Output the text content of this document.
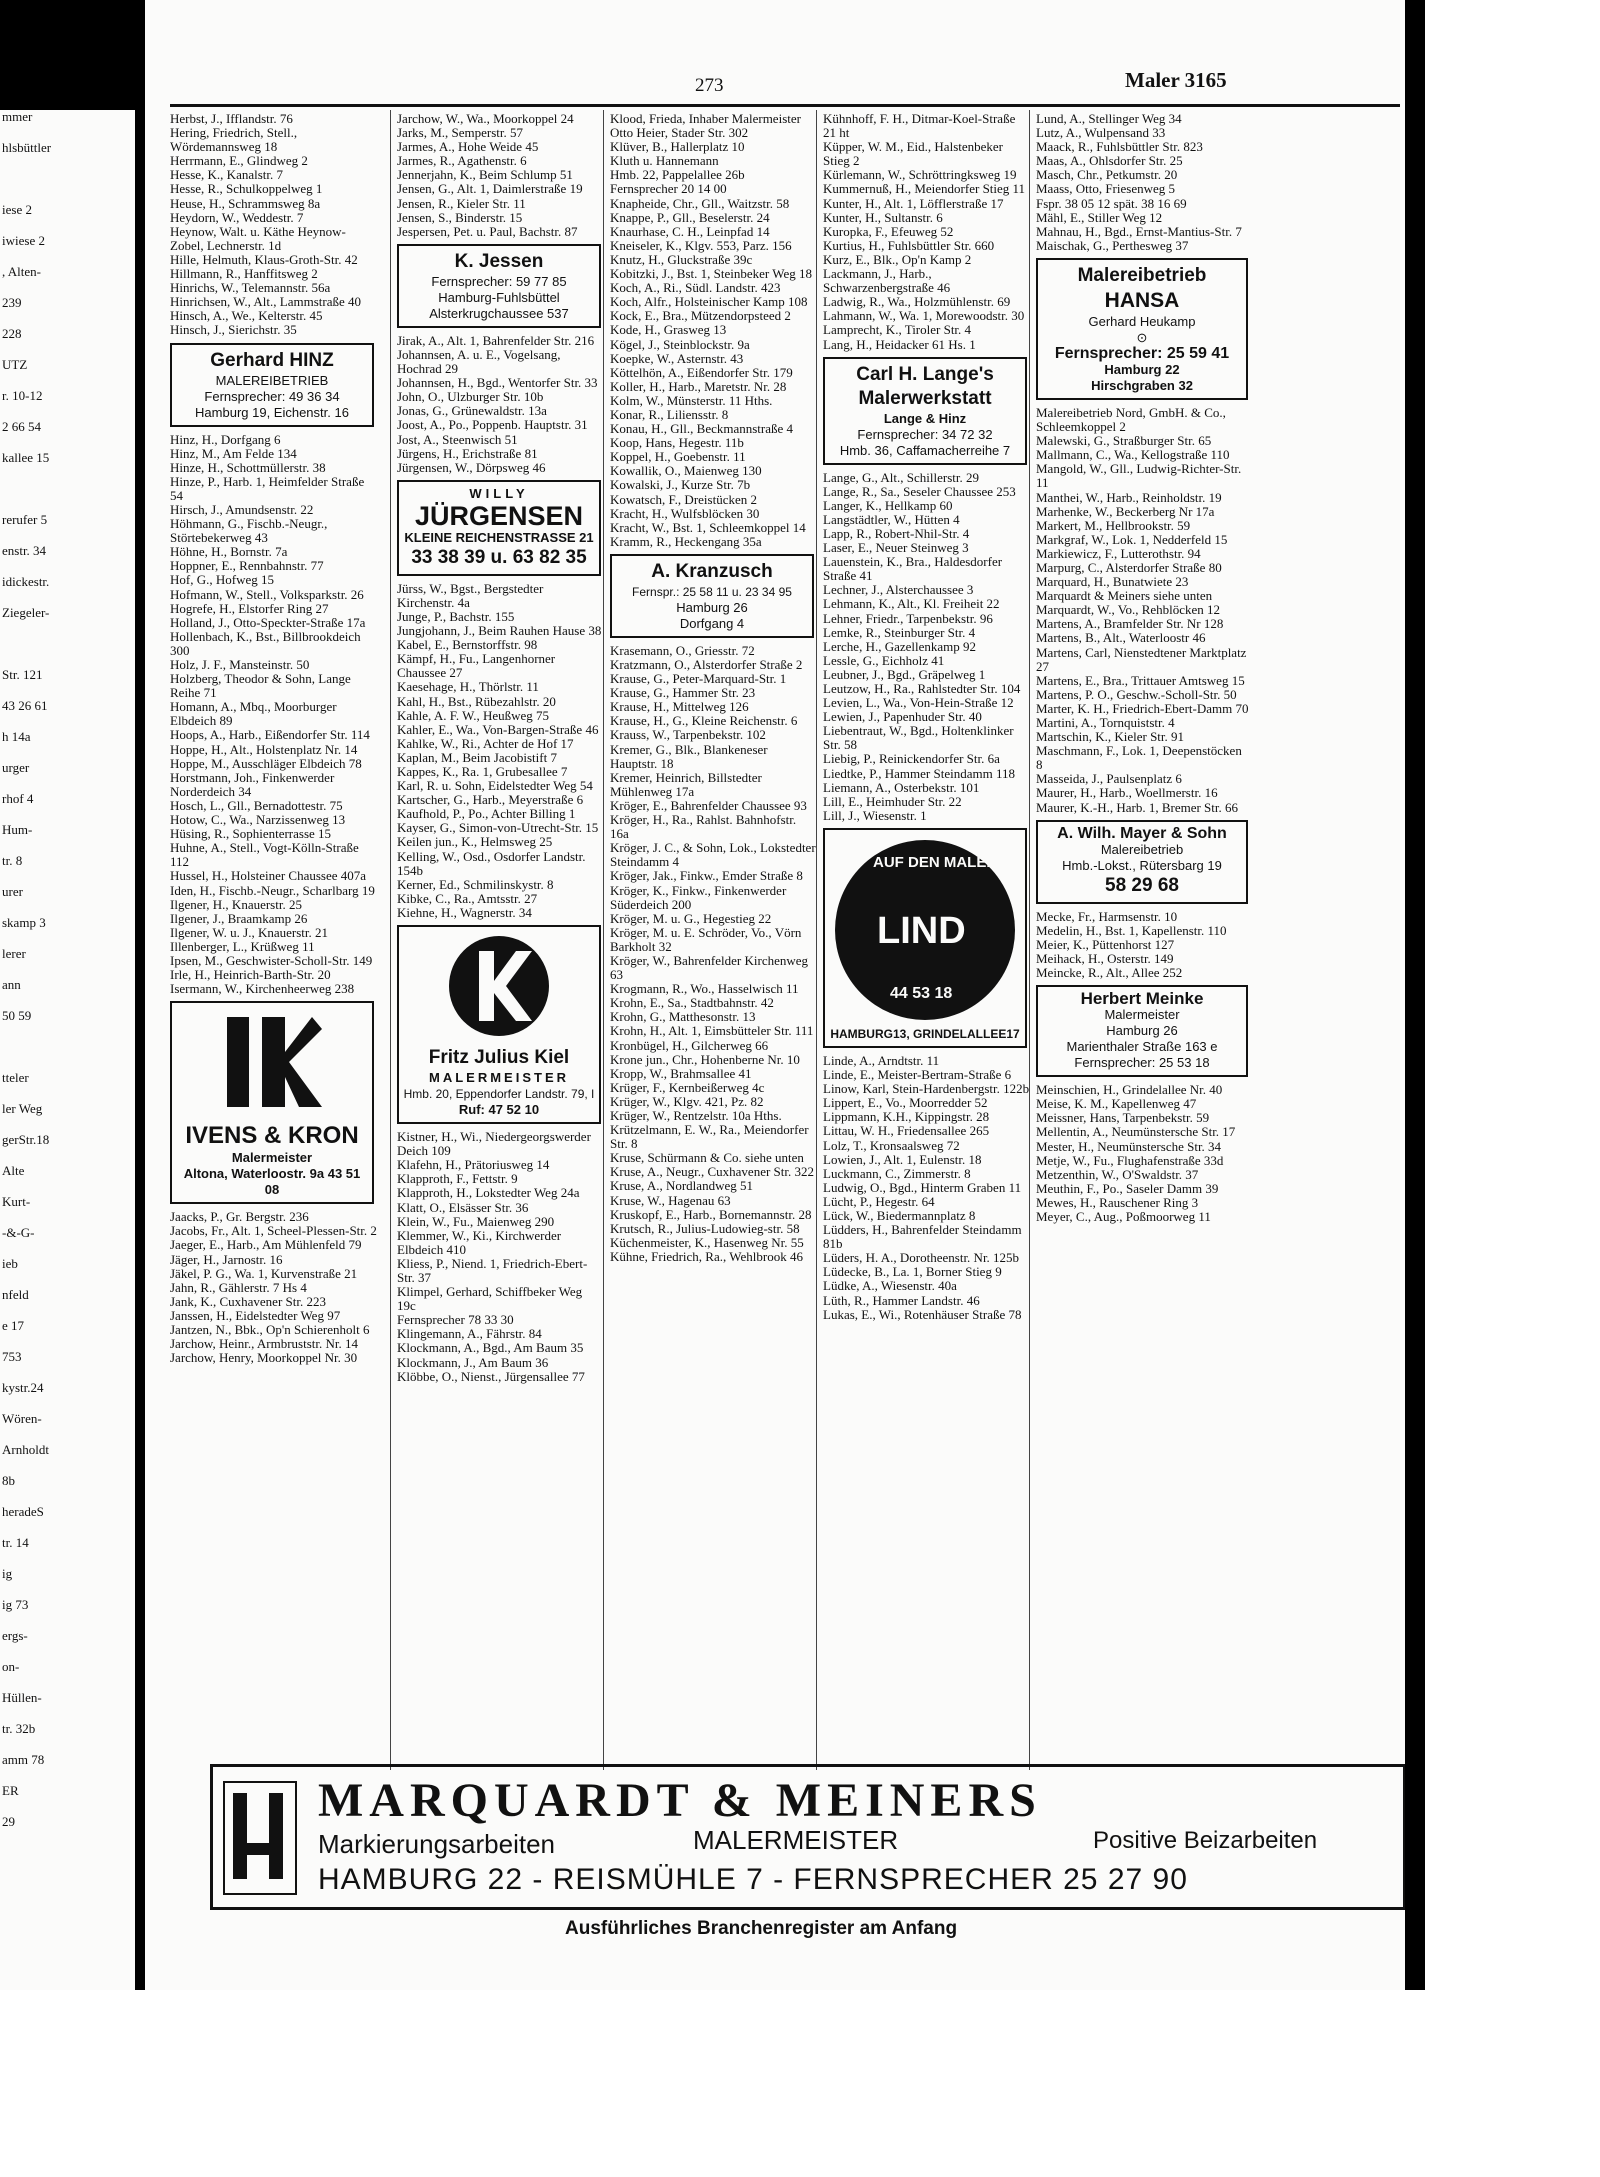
mmer
hlsbüttler
iese 2
iwiese 2
, Alten-
239
228
UTZ
r. 10-12
2 66 54
kallee 15
rerufer 5
enstr. 34
idickestr.
Ziegeler-
Str. 121
43 26 61
h 14a
urger
rhof 4
Hum-
tr. 8
urer
skamp 3
lerer
ann
50 59
tteler
ler Weg
gerStr.18
Alte
Kurt-
-&-G-
ieb
nfeld
e 17
753
kystr.24
Wören-
Arnholdt
8b
heradeS
tr. 14
ig
ig 73
ergs-
on-
Hüllen-
tr. 32b
amm 78
ER
29
273	Maler 3165
Herbst, J., Ifflandstr. 76
Hering, Friedrich, Stell., Wördemannsweg 18
Herrmann, E., Glindweg 2
Hesse, K., Kanalstr. 7
Hesse, R., Schulkoppelweg 1
Heuse, H., Schrammsweg 8a
Heydorn, W., Weddestr. 7
Heynow, Walt. u. Käthe Heynow-Zobel, Lechnerstr. 1d
Hille, Helmuth, Klaus-Groth-Str. 42
Hillmann, R., Hanffitsweg 2
Hinrichs, W., Telemannstr. 56a
Hinrichsen, W., Alt., Lammstraße 40
Hinsch, A., We., Kelterstr. 45
Hinsch, J., Sierichstr. 35
Gerhard HINZ
MALEREIBETRIEB
Fernsprecher: 49 36 34
Hamburg 19, Eichenstr. 16
Hinz, H., Dorfgang 6
Hinz, M., Am Felde 134
Hinze, H., Schottmüllerstr. 38
Hinze, P., Harb. 1, Heimfelder Straße 54
Hirsch, J., Amundsenstr. 22
Höhmann, G., Fischb.-Neugr., Störtebekerweg 43
Höhne, H., Bornstr. 7a
Hoppner, E., Rennbahnstr. 77
Hof, G., Hofweg 15
Hofmann, W., Stell., Volksparkstr. 26
Hogrefe, H., Elstorfer Ring 27
Holland, J., Otto-Speckter-Straße 17a
Hollenbach, K., Bst., Billbrookdeich 300
Holz, J. F., Mansteinstr. 50
Holzberg, Theodor & Sohn, Lange Reihe 71
Homann, A., Mbq., Moorburger Elbdeich 89
Hoops, A., Harb., Eißendorfer Str. 114
Hoppe, H., Alt., Holstenplatz Nr. 14
Hoppe, M., Ausschläger Elbdeich 78
Horstmann, Joh., Finkenwerder Norderdeich 34
Hosch, L., Gll., Bernadottestr. 75
Hotow, C., Wa., Narzissenweg 13
Hüsing, R., Sophienterrasse 15
Huhne, A., Stell., Vogt-Kölln-Straße 112
Hussel, H., Holsteiner Chaussee 407a
Iden, H., Fischb.-Neugr., Scharlbarg 19
Ilgener, H., Knauerstr. 25
Ilgener, J., Braamkamp 26
Ilgener, W. u. J., Knauerstr. 21
Illenberger, L., Krüßweg 11
Ipsen, M., Geschwister-Scholl-Str. 149
Irle, H., Heinrich-Barth-Str. 20
Isermann, W., Kirchenheerweg 238
IVENS & KRON
Malermeister
Altona, Waterloostr. 9a 43 51 08
Jaacks, P., Gr. Bergstr. 236
Jacobs, Fr., Alt. 1, Scheel-Plessen-Str. 2
Jaeger, E., Harb., Am Mühlenfeld 79
Jäger, H., Jarnostr. 16
Jäkel, P. G., Wa. 1, Kurvenstraße 21
Jahn, R., Gählerstr. 7 Hs 4
Jank, K., Cuxhavener Str. 223
Janssen, H., Eidelstedter Weg 97
Jantzen, N., Bbk., Op'n Schierenholt 6
Jarchow, Heinr., Armbruststr. Nr. 14
Jarchow, Henry, Moorkoppel Nr. 30
Jarchow, W., Wa., Moorkoppel 24
Jarks, M., Semperstr. 57
Jarmes, A., Hohe Weide 45
Jarmes, R., Agathenstr. 6
Jennerjahn, K., Beim Schlump 51
Jensen, G., Alt. 1, Daimlerstraße 19
Jensen, R., Kieler Str. 11
Jensen, S., Binderstr. 15
Jespersen, Pet. u. Paul, Bachstr. 87
K. Jessen
Fernsprecher: 59 77 85
Hamburg-Fuhlsbüttel
Alsterkrugchaussee 537
Jirak, A., Alt. 1, Bahrenfelder Str. 216
Johannsen, A. u. E., Vogelsang, Hochrad 29
Johannsen, H., Bgd., Wentorfer Str. 33
John, O., Ulzburger Str. 10b
Jonas, G., Grünewaldstr. 13a
Joost, A., Po., Poppenb. Hauptstr. 31
Jost, A., Steenwisch 51
Jürgens, H., Erichstraße 81
Jürgensen, W., Dörpsweg 46
WILLY
JÜRGENSEN
KLEINE REICHENSTRASSE 21
33 38 39 u. 63 82 35
Jürss, W., Bgst., Bergstedter Kirchenstr. 4a
Junge, P., Bachstr. 155
Jungjohann, J., Beim Rauhen Hause 38
Kabel, E., Bernstorffstr. 98
Kämpf, H., Fu., Langenhorner Chaussee 27
Kaesehage, H., Thörlstr. 11
Kahl, H., Bst., Rübezahlstr. 20
Kahle, A. F. W., Heußweg 75
Kahler, E., Wa., Von-Bargen-Straße 46
Kahlke, W., Ri., Achter de Hof 17
Kaplan, M., Beim Jacobistift 7
Kappes, K., Ra. 1, Grubesallee 7
Karl, R. u. Sohn, Eidelstedter Weg 54
Kartscher, G., Harb., Meyerstraße 6
Kaufhold, P., Po., Achter Billing 1
Kayser, G., Simon-von-Utrecht-Str. 15
Keilen jun., K., Helmsweg 25
Kelling, W., Osd., Osdorfer Landstr. 154b
Kerner, Ed., Schmilinskystr. 8
Kibke, C., Ra., Amtsstr. 27
Kiehne, H., Wagnerstr. 34
Fritz Julius Kiel
MALERMEISTER
Hmb. 20, Eppendorfer Landstr. 79, I
Ruf: 47 52 10
Kistner, H., Wi., Niedergeorgswerder Deich 109
Klafehn, H., Prätoriusweg 14
Klapproth, F., Fettstr. 9
Klapproth, H., Lokstedter Weg 24a
Klatt, O., Elsässer Str. 36
Klein, W., Fu., Maienweg 290
Klemmer, W., Ki., Kirchwerder Elbdeich 410
Kliess, P., Niend. 1, Friedrich-Ebert-Str. 37
Klimpel, Gerhard, Schiffbeker Weg 19c
Fernsprecher 78 33 30
Klingemann, A., Fährstr. 84
Klockmann, A., Bgd., Am Baum 35
Klockmann, J., Am Baum 36
Klöbbe, O., Nienst., Jürgensallee 77
Klood, Frieda, Inhaber Malermeister Otto Heier, Stader Str. 302
Klüver, B., Hallerplatz 10
Kluth u. Hannemann
Hmb. 22, Pappelallee 26b
Fernsprecher 20 14 00
Knapheide, Chr., Gll., Waitzstr. 58
Knappe, P., Gll., Beselerstr. 24
Knaurhase, C. H., Leinpfad 14
Kneiseler, K., Klgv. 553, Parz. 156
Knutz, H., Gluckstraße 39c
Kobitzki, J., Bst. 1, Steinbeker Weg 18
Koch, A., Ri., Südl. Landstr. 423
Koch, Alfr., Holsteinischer Kamp 108
Kock, E., Bra., Mützendorpsteed 2
Kode, H., Grasweg 13
Kögel, J., Steinblockstr. 9a
Koepke, W., Asternstr. 43
Köttelhön, A., Eißendorfer Str. 179
Koller, H., Harb., Maretstr. Nr. 28
Kolm, W., Münsterstr. 11 Hths.
Konar, R., Liliensstr. 8
Konau, H., Gll., Beckmannstraße 4
Koop, Hans, Hegestr. 11b
Koppel, H., Goebenstr. 11
Kowallik, O., Maienweg 130
Kowalski, J., Kurze Str. 7b
Kowatsch, F., Dreistücken 2
Kracht, H., Wulfsblöcken 30
Kracht, W., Bst. 1, Schleemkoppel 14
Kramm, R., Heckengang 35a
A. Kranzusch
Fernspr.: 25 58 11 u. 23 34 95
Hamburg 26
Dorfgang 4
Krasemann, O., Griesstr. 72
Kratzmann, O., Alsterdorfer Straße 2
Krause, G., Peter-Marquard-Str. 1
Krause, G., Hammer Str. 23
Krause, H., Mittelweg 126
Krause, H., G., Kleine Reichenstr. 6
Krauss, W., Tarpenbekstr. 102
Kremer, G., Blk., Blankeneser Hauptstr. 18
Kremer, Heinrich, Billstedter Mühlenweg 17a
Kröger, E., Bahrenfelder Chaussee 93
Kröger, H., Ra., Rahlst. Bahnhofstr. 16a
Kröger, J. C., & Sohn, Lok., Lokstedter Steindamm 4
Kröger, Jak., Finkw., Emder Straße 8
Kröger, K., Finkw., Finkenwerder Süderdeich 200
Kröger, M. u. G., Hegestieg 22
Kröger, M. u. E. Schröder, Vo., Vörn Barkholt 32
Kröger, W., Bahrenfelder Kirchenweg 63
Krogmann, R., Wo., Hasselwisch 11
Krohn, E., Sa., Stadtbahnstr. 42
Krohn, G., Matthesonstr. 13
Krohn, H., Alt. 1, Eimsbütteler Str. 111
Kronbügel, H., Gilcherweg 66
Krone jun., Chr., Hohenberne Nr. 10
Kropp, W., Brahmsallee 41
Krüger, F., Kernbeißerweg 4c
Krüger, W., Klgv. 421, Pz. 82
Krüger, W., Rentzelstr. 10a Hths.
Krützelmann, E. W., Ra., Meiendorfer Str. 8
Kruse, Schürmann & Co. siehe unten
Kruse, A., Neugr., Cuxhavener Str. 322
Kruse, A., Nordlandweg 51
Kruse, W., Hagenau 63
Kruskopf, E., Harb., Bornemannstr. 28
Krutsch, R., Julius-Ludowieg-str. 58
Küchenmeister, K., Hasenweg Nr. 55
Kühne, Friedrich, Ra., Wehlbrook 46
Kühnhoff, F. H., Ditmar-Koel-Straße 21 ht
Küpper, W. M., Eid., Halstenbeker Stieg 2
Kürlemann, W., Schröttringksweg 19
Kummernuß, H., Meiendorfer Stieg 11
Kunter, H., Alt. 1, Löfflerstraße 17
Kunter, H., Sultanstr. 6
Kuropka, F., Efeuweg 52
Kurtius, H., Fuhlsbüttler Str. 660
Kurz, E., Blk., Op'n Kamp 2
Lackmann, J., Harb., Schwarzenbergstraße 46
Ladwig, R., Wa., Holzmühlenstr. 69
Lahmann, W., Wa. 1, Morewoodstr. 30
Lamprecht, K., Tiroler Str. 4
Lang, H., Heidacker 61 Hs. 1
Carl H. Lange's
Malerwerkstatt
Lange & Hinz
Fernsprecher: 34 72 32
Hmb. 36, Caffamacherreihe 7
Lange, G., Alt., Schillerstr. 29
Lange, R., Sa., Seseler Chaussee 253
Langer, K., Hellkamp 60
Langstädtler, W., Hütten 4
Lapp, R., Robert-Nhil-Str. 4
Laser, E., Neuer Steinweg 3
Lauenstein, K., Bra., Haldesdorfer Straße 41
Lechner, J., Alsterchaussee 3
Lehmann, K., Alt., Kl. Freiheit 22
Lehner, Friedr., Tarpenbekstr. 96
Lemke, R., Steinburger Str. 4
Lerche, H., Gazellenkamp 92
Lessle, G., Eichholz 41
Leubner, J., Bgd., Gräpelweg 1
Leutzow, H., Ra., Rahlstedter Str. 104
Levien, L., Wa., Von-Hein-Straße 12
Lewien, J., Papenhuder Str. 40
Liebentraut, W., Bgd., Holtenklinker Str. 58
Liebig, P., Reinickendorfer Str. 6a
Liedtke, P., Hammer Steindamm 118
Liemann, A., Osterbekstr. 101
Lill, E., Heimhuder Str. 22
Lill, J., Wiesenstr. 1
AUF DEN MALER
LIND
44 53 18
HAMBURG13, GRINDELALLEE17
Linde, A., Arndtstr. 11
Linde, E., Meister-Bertram-Straße 6
Linow, Karl, Stein-Hardenbergstr. 122b
Lippert, E., Vo., Moorredder 52
Lippmann, K.H., Kippingstr. 28
Littau, W. H., Friedensallee 265
Lolz, T., Kronsaalsweg 72
Lowien, J., Alt. 1, Eulenstr. 18
Luckmann, C., Zimmerstr. 8
Ludwig, O., Bgd., Hinterm Graben 11
Lücht, P., Hegestr. 64
Lück, W., Biedermannplatz 8
Lüdders, H., Bahrenfelder Steindamm 81b
Lüders, H. A., Dorotheenstr. Nr. 125b
Lüdecke, B., La. 1, Borner Stieg 9
Lüdke, A., Wiesenstr. 40a
Lüth, R., Hammer Landstr. 46
Lukas, E., Wi., Rotenhäuser Straße 78
Lund, A., Stellinger Weg 34
Lutz, A., Wulpensand 33
Maack, R., Fuhlsbüttler Str. 823
Maas, A., Ohlsdorfer Str. 25
Masch, Chr., Petkumstr. 20
Maass, Otto, Friesenweg 5
Fspr. 38 05 12 spät. 38 16 69
Mähl, E., Stiller Weg 12
Mahnau, H., Bgd., Ernst-Mantius-Str. 7
Maischak, G., Perthesweg 37
Malereibetrieb
HANSA
Gerhard Heukamp
⊙
Fernsprecher: 25 59 41
Hamburg 22
Hirschgraben 32
Malereibetrieb Nord, GmbH. & Co., Schleemkoppel 2
Malewski, G., Straßburger Str. 65
Mallmann, C., Wa., Kellogstraße 110
Mangold, W., Gll., Ludwig-Richter-Str. 11
Manthei, W., Harb., Reinholdstr. 19
Marhenke, W., Beckerberg Nr 17a
Markert, M., Hellbrookstr. 59
Markgraf, W., Lok. 1, Nedderfeld 15
Markiewicz, F., Lutterothstr. 94
Marpurg, C., Alsterdorfer Straße 80
Marquard, H., Bunatwiete 23
Marquardt & Meiners siehe unten
Marquardt, W., Vo., Rehblöcken 12
Martens, A., Bramfelder Str. Nr 128
Martens, B., Alt., Waterloostr 46
Martens, Carl, Nienstedtener Marktplatz 27
Martens, E., Bra., Trittauer Amtsweg 15
Martens, P. O., Geschw.-Scholl-Str. 50
Marter, K. H., Friedrich-Ebert-Damm 70
Martini, A., Tornquiststr. 4
Martschin, K., Kieler Str. 91
Maschmann, F., Lok. 1, Deepenstöcken 8
Masseida, J., Paulsenplatz 6
Maurer, H., Harb., Woellmerstr. 16
Maurer, K.-H., Harb. 1, Bremer Str. 66
A. Wilh. Mayer & Sohn
Malereibetrieb
Hmb.-Lokst., Rütersbarg 19
58 29 68
Mecke, Fr., Harmsenstr. 10
Medelin, H., Bst. 1, Kapellenstr. 110
Meier, K., Püttenhorst 127
Meihack, H., Osterstr. 149
Meincke, R., Alt., Allee 252
Herbert Meinke
Malermeister
Hamburg 26
Marienthaler Straße 163 e
Fernsprecher: 25 53 18
Meinschien, H., Grindelallee Nr. 40
Meise, K. M., Kapellenweg 47
Meissner, Hans, Tarpenbekstr. 59
Mellentin, A., Neumünstersche Str. 17
Mester, H., Neumünstersche Str. 34
Metje, W., Fu., Flughafenstraße 33d
Metzenthin, W., O'Swaldstr. 37
Meuthin, F., Po., Saseler Damm 39
Mewes, H., Rauschener Ring 3
Meyer, C., Aug., Poßmoorweg 11
MARQUARDT & MEINERS
Markierungsarbeiten	MALERMEISTER	Positive Beizarbeiten
HAMBURG 22 - REISMÜHLE 7 - FERNSPRECHER 25 27 90
Ausführliches Branchenregister am Anfang
